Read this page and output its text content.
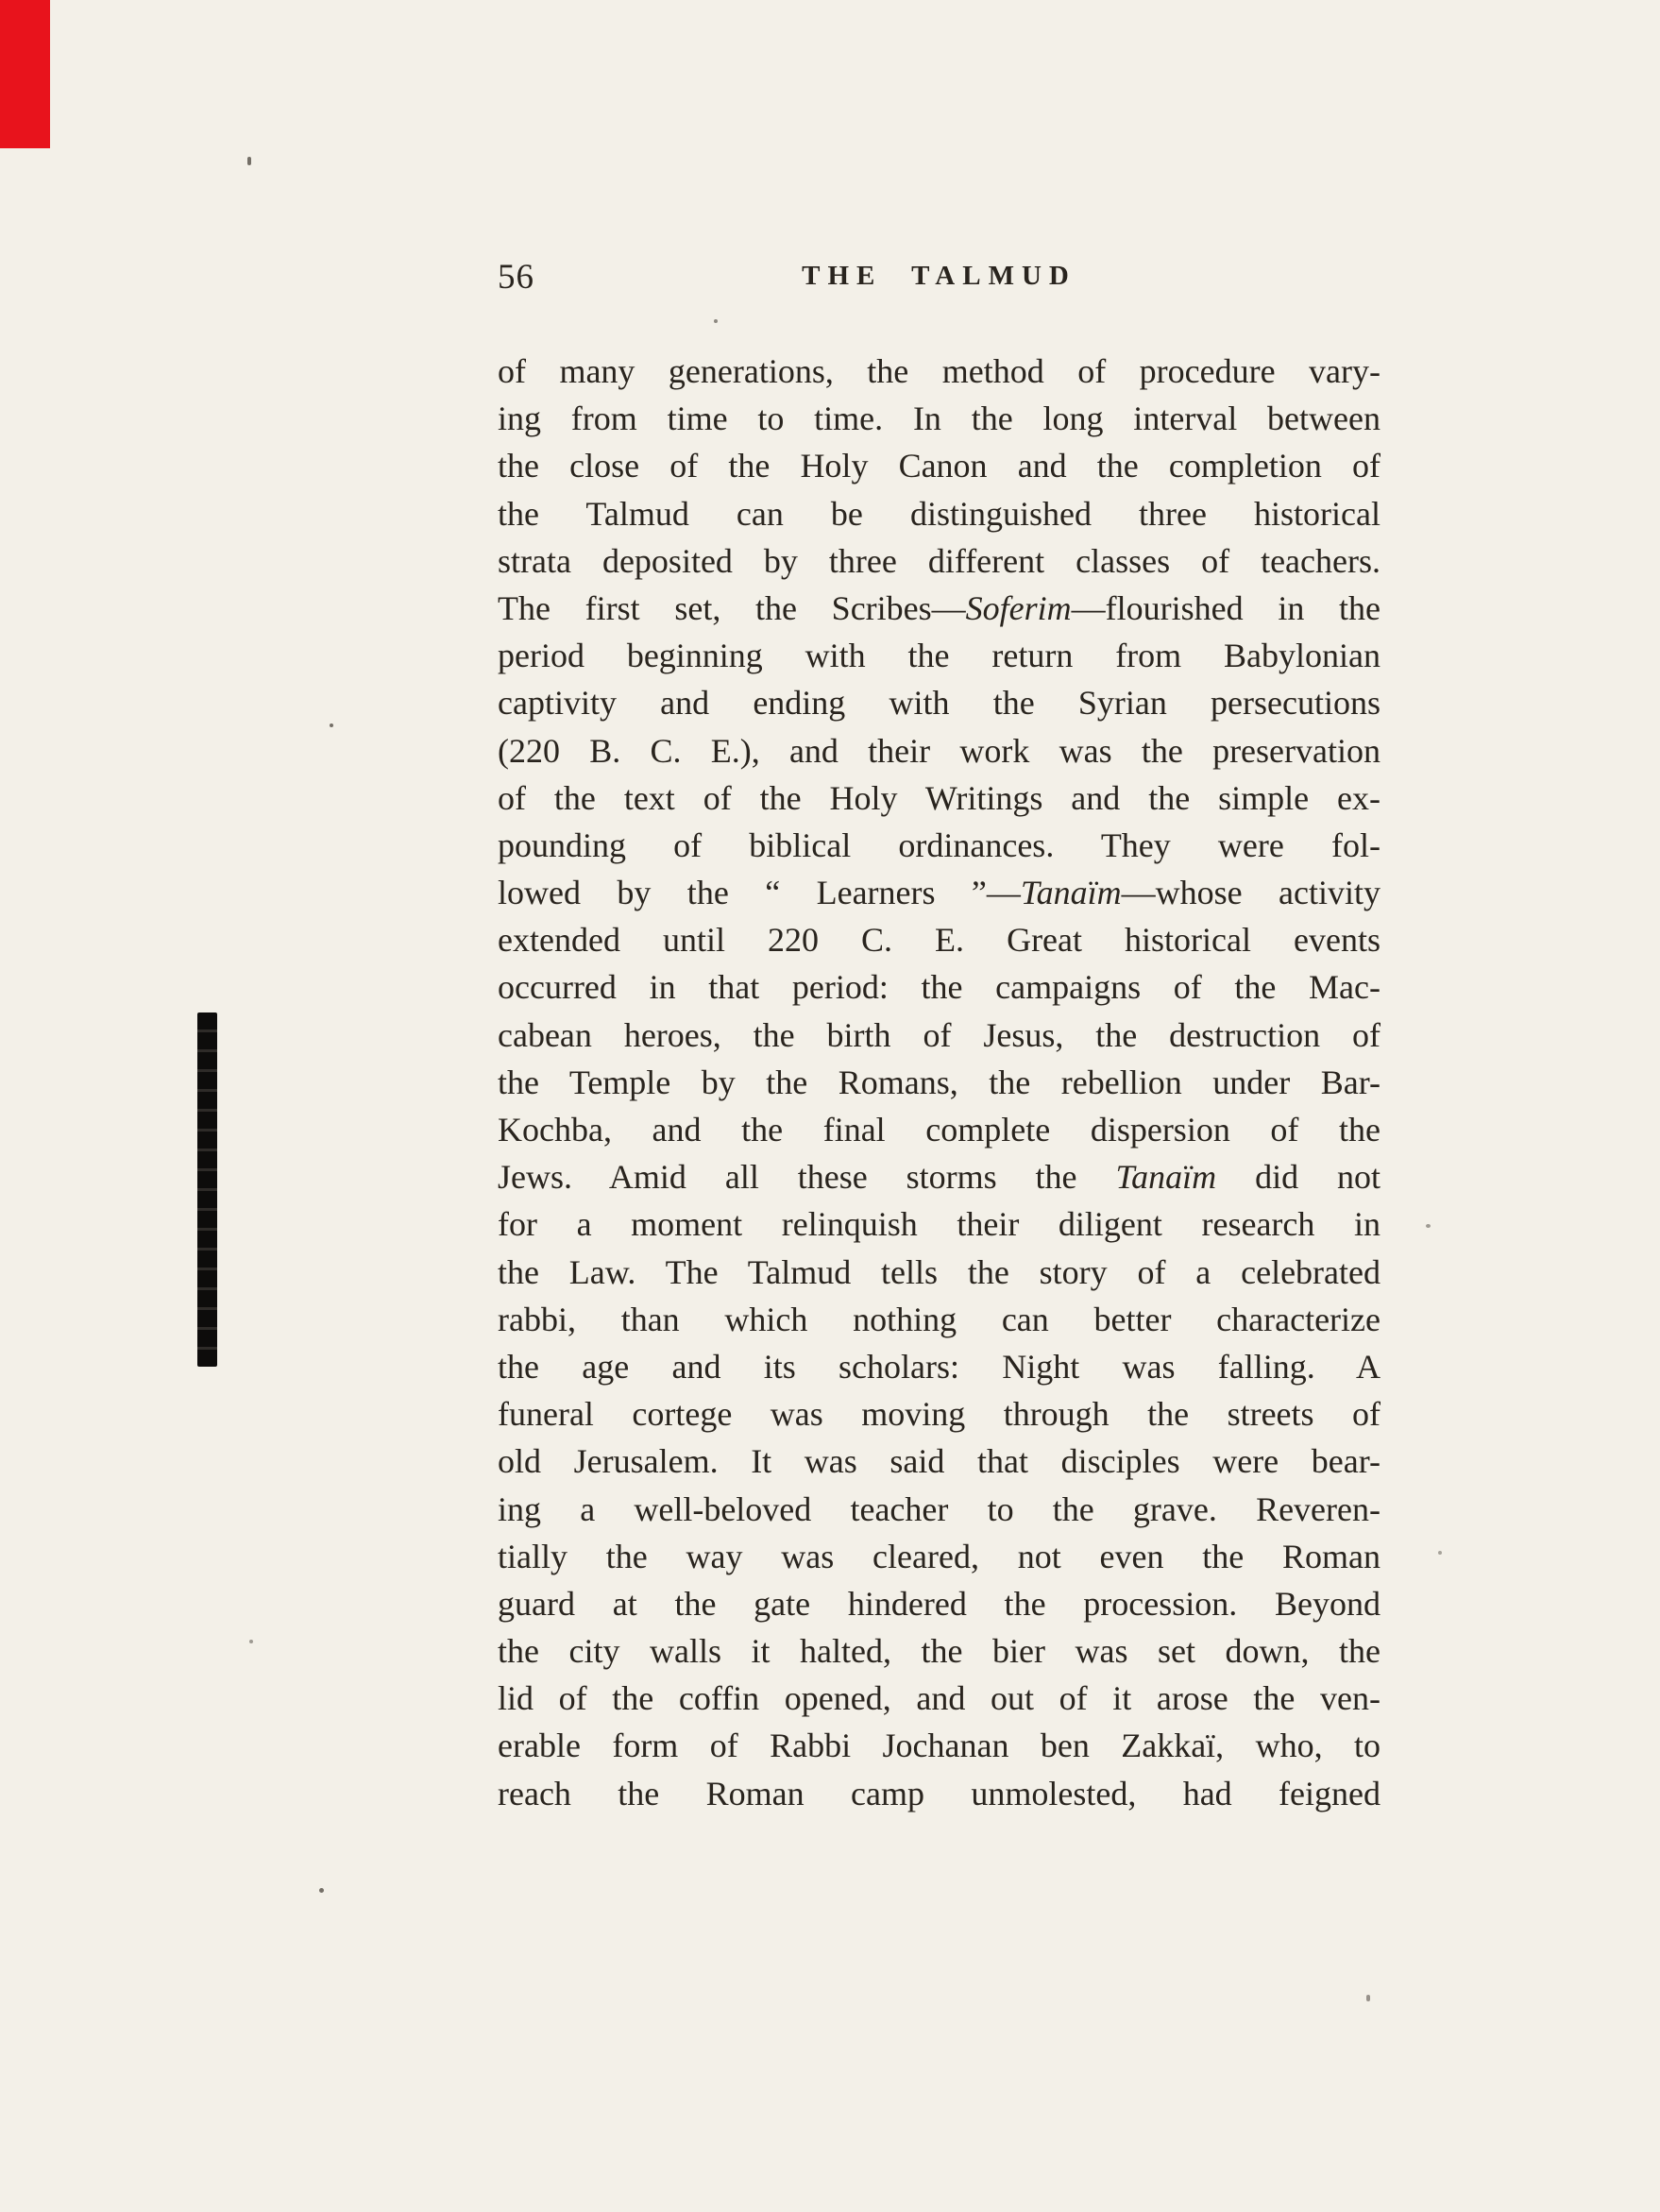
56	THE TALMUD
of many generations, the method of procedure vary-
ing from time to time. In the long interval between
the close of the Holy Canon and the completion of
the Talmud can be distinguished three historical
strata deposited by three different classes of teachers.
The first set, the Scribes—Soferim—flourished in the
period beginning with the return from Babylonian
captivity and ending with the Syrian persecutions
(220 B. C. E.), and their work was the preservation
of the text of the Holy Writings and the simple ex-
pounding of biblical ordinances. They were fol-
lowed by the “ Learners ”—Tanaïm—whose activity
extended until 220 C. E. Great historical events
occurred in that period: the campaigns of the Mac-
cabean heroes, the birth of Jesus, the destruction of
the Temple by the Romans, the rebellion under Bar-
Kochba, and the final complete dispersion of the
Jews. Amid all these storms the Tanaïm did not
for a moment relinquish their diligent research in
the Law. The Talmud tells the story of a celebrated
rabbi, than which nothing can better characterize
the age and its scholars: Night was falling. A
funeral cortege was moving through the streets of
old Jerusalem. It was said that disciples were bear-
ing a well-beloved teacher to the grave. Reveren-
tially the way was cleared, not even the Roman
guard at the gate hindered the procession. Beyond
the city walls it halted, the bier was set down, the
lid of the coffin opened, and out of it arose the ven-
erable form of Rabbi Jochanan ben Zakkaï, who, to
reach the Roman camp unmolested, had feigned
